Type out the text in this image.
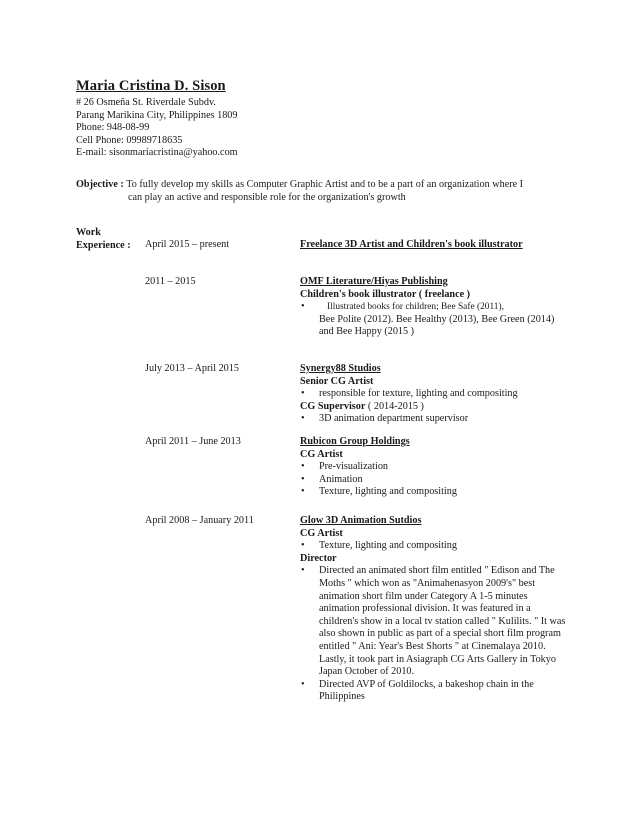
Maria Cristina D. Sison
# 26 Osmeña St. Riverdale Subdv.
Parang Marikina City, Philippines 1809
Phone: 948-08-99
Cell Phone: 09989718635
E-mail: sisonmariacristina@yahoo.com
Objective : To fully develop my skills as Computer Graphic Artist and to be a part of an organization where I
can play an active and responsible role for the organization's growth
Work
Experience : April 2015 – present	Freelance 3D Artist and Children's book illustrator
2011 – 2015	OMF Literature/Hiyas Publishing
Children's book illustrator ( freelance )
• Illustrated books for children; Bee Safe (2011),
Bee Polite (2012). Bee Healthy (2013), Bee Green (2014) and Bee Happy (2015 )
July 2013 – April 2015	Synergy88 Studios
Senior CG Artist
• responsible for texture, lighting and compositing
CG Supervisor ( 2014-2015 )
• 3D animation department supervisor
April 2011 – June 2013	Rubicon Group Holdings
CG Artist
• Pre-visualization
• Animation
• Texture, lighting and compositing
April 2008 – January 2011	Glow 3D Animation Sutdios
CG Artist
• Texture, lighting and compositing
Director
• Directed an animated short film entitled " Edison and The Moths " which won as "Animahenasyon 2009's" best animation short film under Category A 1-5 minutes animation professional division. It was featured in a children's show in a local tv station called " Kulilits. " It was also shown in public as part of a special short film program entitled " Ani: Year's Best Shorts " at Cinemalaya 2010. Lastly, it took part in Asiagraph CG Arts Gallery in Tokyo Japan October of 2010.
• Directed AVP of Goldilocks, a bakeshop chain in the Philippines
